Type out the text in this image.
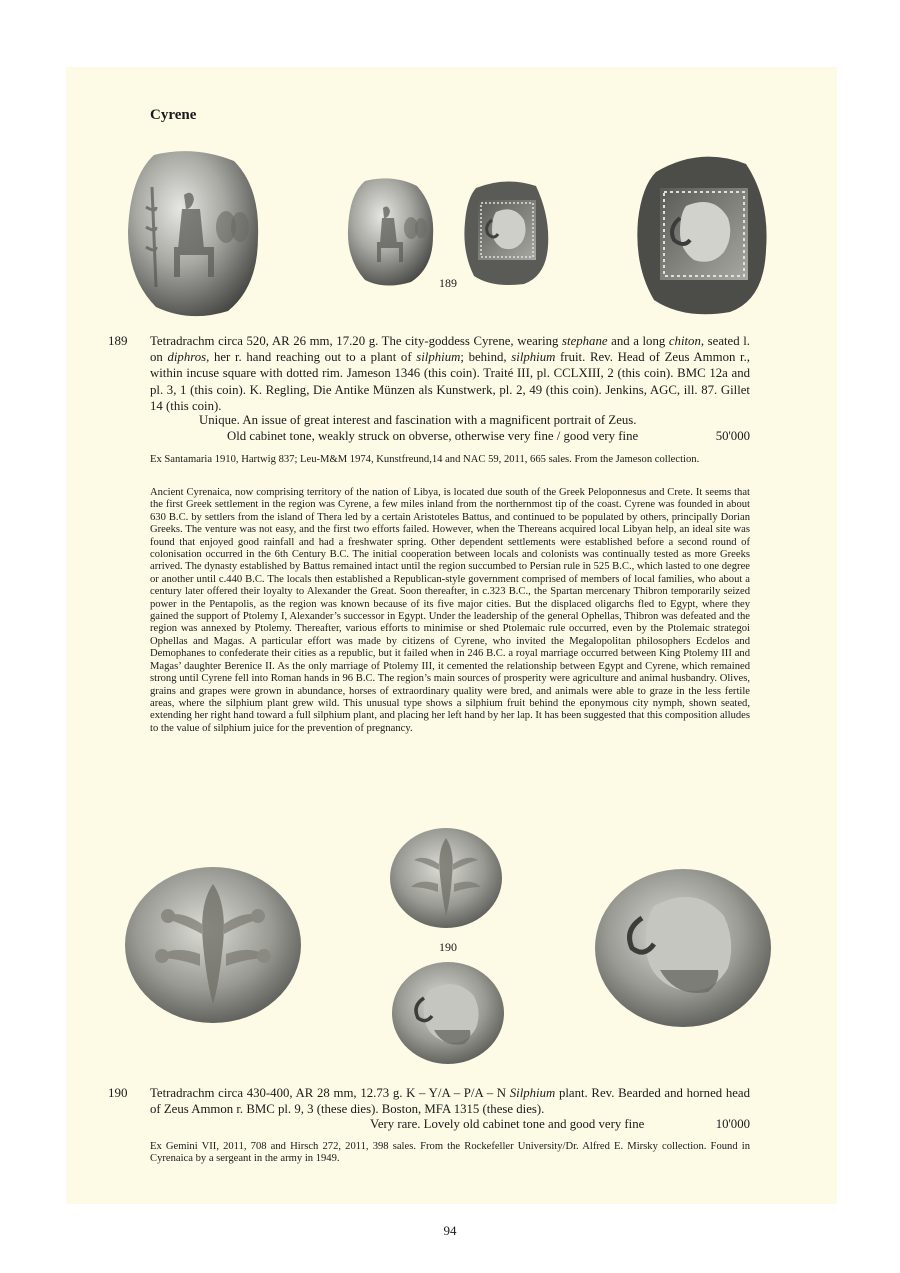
Cyrene
189
189 Tetradrachm circa 520, AR 26 mm, 17.20 g. The city-goddess Cyrene, wearing stephane and a long chiton, seated l. on diphros, her r. hand reaching out to a plant of silphium; behind, silphium fruit. Rev. Head of Zeus Ammon r., within incuse square with dotted rim. Jameson 1346 (this coin). Traité III, pl. CCLXIII, 2 (this coin). BMC 12a and pl. 3, 1 (this coin). K. Regling, Die Antike Münzen als Kunstwerk, pl. 2, 49 (this coin). Jenkins, AGC, ill. 87. Gillet 14 (this coin).
Unique. An issue of great interest and fascination with a magnificent portrait of Zeus.
Old cabinet tone, weakly struck on obverse, otherwise very fine / good very fine	50'000
Ex Santamaria 1910, Hartwig 837; Leu-M&M 1974, Kunstfreund,14 and NAC 59, 2011, 665 sales. From the Jameson collection.
Ancient Cyrenaica, now comprising territory of the nation of Libya, is located due south of the Greek Peloponnesus and Crete. It seems that the first Greek settlement in the region was Cyrene, a few miles inland from the northernmost tip of the coast. Cyrene was founded in about 630 B.C. by settlers from the island of Thera led by a certain Aristoteles Battus, and continued to be populated by others, principally Dorian Greeks. The venture was not easy, and the first two efforts failed. However, when the Thereans acquired local Libyan help, an ideal site was found that enjoyed good rainfall and had a freshwater spring. Other dependent settlements were established before a second round of colonisation occurred in the 6th Century B.C. The initial cooperation between locals and colonists was continually tested as more Greeks arrived. The dynasty established by Battus remained intact until the region succumbed to Persian rule in 525 B.C., which lasted to one degree or another until c.440 B.C. The locals then established a Republican-style government comprised of members of local families, who about a century later offered their loyalty to Alexander the Great. Soon thereafter, in c.323 B.C., the Spartan mercenary Thibron temporarily seized power in the Pentapolis, as the region was known because of its five major cities. But the displaced oligarchs fled to Egypt, where they gained the support of Ptolemy I, Alexander’s successor in Egypt. Under the leadership of the general Ophellas, Thibron was defeated and the region was annexed by Ptolemy. Thereafter, various efforts to minimise or shed Ptolemaic rule occurred, even by the Ptolemaic strategoi Ophellas and Magas. A particular effort was made by citizens of Cyrene, who invited the Megalopolitan philosophers Ecdelos and Demophanes to confederate their cities as a republic, but it failed when in 246 B.C. a royal marriage occurred between King Ptolemy III and Magas’ daughter Berenice II. As the only marriage of Ptolemy III, it cemented the relationship between Egypt and Cyrene, which remained strong until Cyrene fell into Roman hands in 96 B.C. The region’s main sources of prosperity were agriculture and animal husbandry. Olives, grains and grapes were grown in abundance, horses of extraordinary quality were bred, and animals were able to graze in the less fertile areas, where the silphium plant grew wild. This unusual type shows a silphium fruit behind the eponymous city nymph, shown seated, extending her right hand toward a full silphium plant, and placing her left hand by her lap. It has been suggested that this composition alludes to the value of silphium juice for the prevention of pregnancy.
190
190 Tetradrachm circa 430-400, AR 28 mm, 12.73 g. K – Y/A – P/A – N Silphium plant. Rev. Bearded and horned head of Zeus Ammon r. BMC pl. 9, 3 (these dies). Boston, MFA 1315 (these dies).
Very rare. Lovely old cabinet tone and good very fine	10'000
Ex Gemini VII, 2011, 708 and Hirsch 272, 2011, 398 sales. From the Rockefeller University/Dr. Alfred E. Mirsky collection. Found in Cyrenaica by a sergeant in the army in 1949.
94
